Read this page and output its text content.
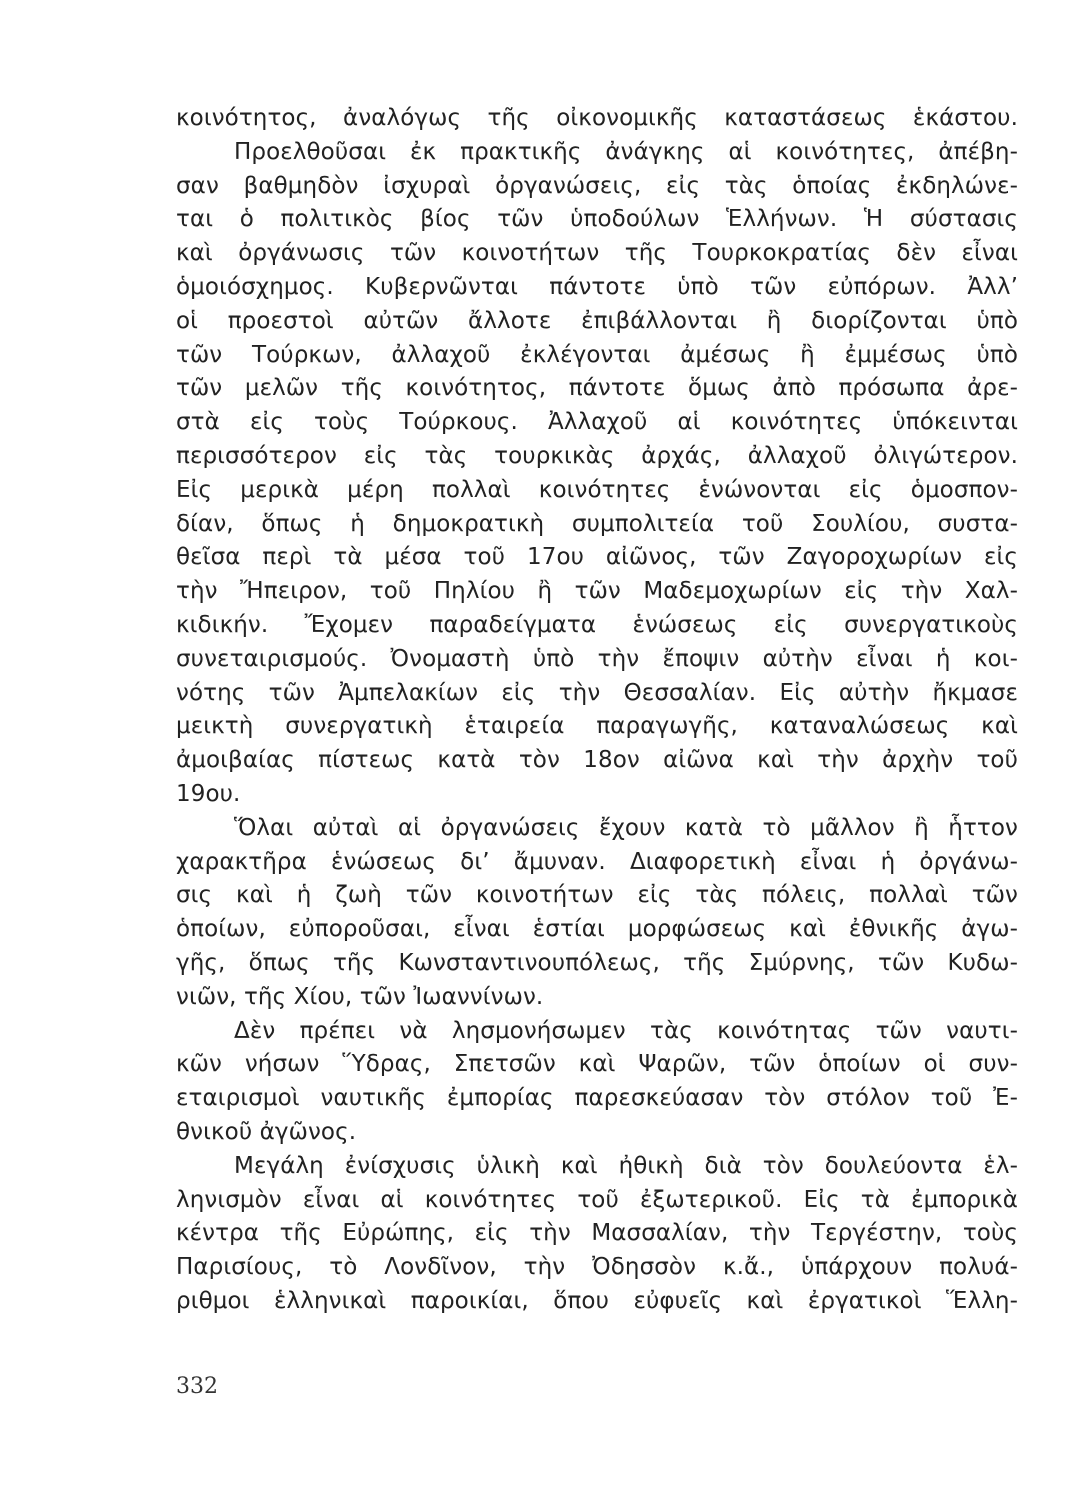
κοινότητος, ἀναλόγως τῆς οἰκονομικῆς καταστάσεως ἑκάστου.
Προελθοῦσαι ἐκ πρακτικῆς ἀνάγκης αἱ κοινότητες, ἀπέβη-
σαν βαθμηδὸν ἰσχυραὶ ὀργανώσεις, εἰς τὰς ὁποίας ἐκδηλώνε-
ται ὁ πολιτικὸς βίος τῶν ὑποδούλων Ἑλλήνων. Ἡ σύστασις
καὶ ὀργάνωσις τῶν κοινοτήτων τῆς Τουρκοκρατίας δὲν εἶναι
ὁμοιόσχημος. Κυβερνῶνται πάντοτε ὑπὸ τῶν εὐπόρων. Ἀλλ’
οἱ προεστοὶ αὐτῶν ἄλλοτε ἐπιβάλλονται ἢ διορίζονται ὑπὸ
τῶν Τούρκων, ἀλλαχοῦ ἐκλέγονται ἀμέσως ἢ ἐμμέσως ὑπὸ
τῶν μελῶν τῆς κοινότητος, πάντοτε ὅμως ἀπὸ πρόσωπα ἀρε-
στὰ εἰς τοὺς Τούρκους. Ἀλλαχοῦ αἱ κοινότητες ὑπόκεινται
περισσότερον εἰς τὰς τουρκικὰς ἀρχάς, ἀλλαχοῦ ὀλιγώτερον.
Εἰς μερικὰ μέρη πολλαὶ κοινότητες ἑνώνονται εἰς ὁμοσπον-
δίαν, ὅπως ἡ δημοκρατικὴ συμπολιτεία τοῦ Σουλίου, συστα-
θεῖσα περὶ τὰ μέσα τοῦ 17ου αἰῶνος, τῶν Ζαγοροχωρίων εἰς
τὴν Ἤπειρον, τοῦ Πηλίου ἢ τῶν Μαδεμοχωρίων εἰς τὴν Χαλ-
κιδικήν. Ἔχομεν παραδείγματα ἑνώσεως εἰς συνεργατικοὺς
συνεταιρισμούς. Ὀνομαστὴ ὑπὸ τὴν ἔποψιν αὐτὴν εἶναι ἡ κοι-
νότης τῶν Ἀμπελακίων εἰς τὴν Θεσσαλίαν. Εἰς αὐτὴν ἤκμασε
μεικτὴ συνεργατικὴ ἑταιρεία παραγωγῆς, καταναλώσεως καὶ
ἀμοιβαίας πίστεως κατὰ τὸν 18ον αἰῶνα καὶ τὴν ἀρχὴν τοῦ
19ου.
Ὅλαι αὐταὶ αἱ ὀργανώσεις ἔχουν κατὰ τὸ μᾶλλον ἢ ἧττον
χαρακτῆρα ἑνώσεως δι’ ἄμυναν. Διαφορετικὴ εἶναι ἡ ὀργάνω-
σις καὶ ἡ ζωὴ τῶν κοινοτήτων εἰς τὰς πόλεις, πολλαὶ τῶν
ὁποίων, εὐποροῦσαι, εἶναι ἑστίαι μορφώσεως καὶ ἐθνικῆς ἀγω-
γῆς, ὅπως τῆς Κωνσταντινουπόλεως, τῆς Σμύρνης, τῶν Κυδω-
νιῶν, τῆς Χίου, τῶν Ἰωαννίνων.
Δὲν πρέπει νὰ λησμονήσωμεν τὰς κοινότητας τῶν ναυτι-
κῶν νήσων Ὕδρας, Σπετσῶν καὶ Ψαρῶν, τῶν ὁποίων οἱ συν-
εταιρισμοὶ ναυτικῆς ἐμπορίας παρεσκεύασαν τὸν στόλον τοῦ Ἐ-
θνικοῦ ἀγῶνος.
Μεγάλη ἐνίσχυσις ὑλικὴ καὶ ἠθικὴ διὰ τὸν δουλεύοντα ἑλ-
ληνισμὸν εἶναι αἱ κοινότητες τοῦ ἐξωτερικοῦ. Εἰς τὰ ἐμπορικὰ
κέντρα τῆς Εὐρώπης, εἰς τὴν Μασσαλίαν, τὴν Τεργέστην, τοὺς
Παρισίους, τὸ Λονδῖνον, τὴν Ὀδησσὸν κ.ἄ., ὑπάρχουν πολυά-
ριθμοι ἑλληνικαὶ παροικίαι, ὅπου εὐφυεῖς καὶ ἐργατικοὶ Ἕλλη-
332
